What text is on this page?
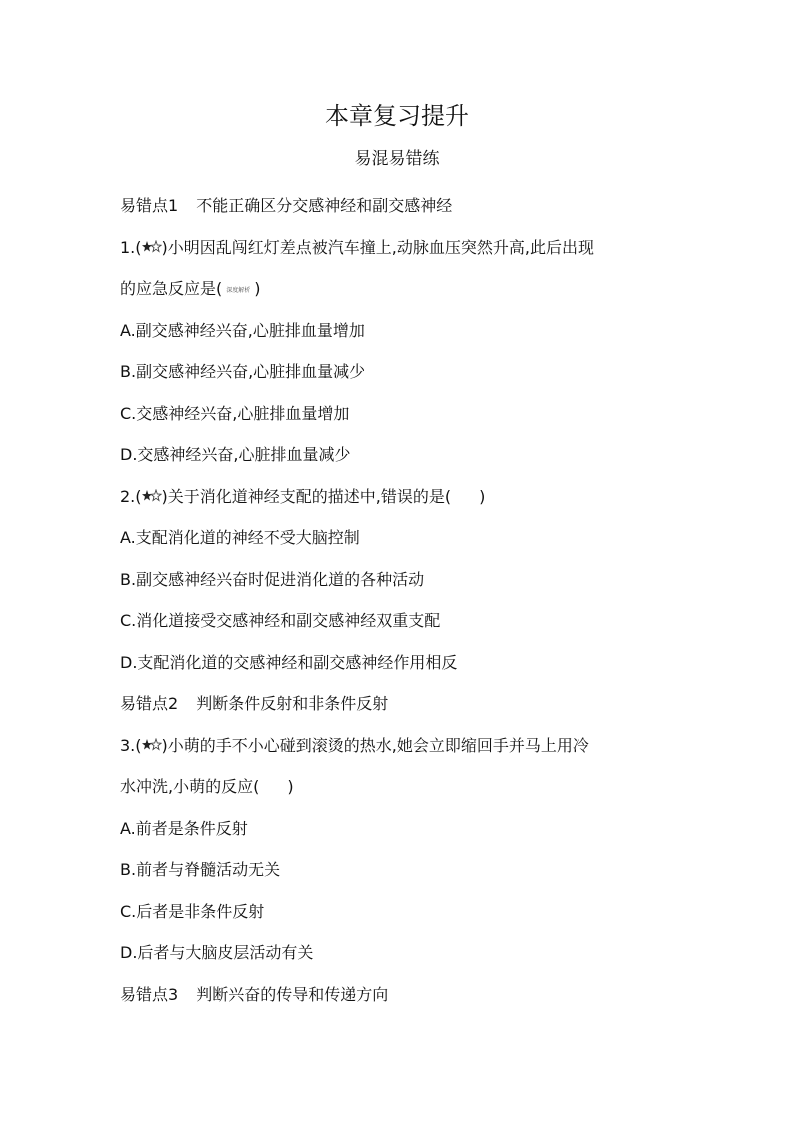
本章复习提升
易混易错练
易错点1 不能正确区分交感神经和副交感神经
1.( )小明因乱闯红灯差点被汽车撞上,动脉血压突然升高,此后出现
的应急反应是( 深度解析 )
A.副交感神经兴奋,心脏排血量增加
B.副交感神经兴奋,心脏排血量减少
C.交感神经兴奋,心脏排血量增加
D.交感神经兴奋,心脏排血量减少
2.( )关于消化道神经支配的描述中,错误的是( )
A.支配消化道的神经不受大脑控制
B.副交感神经兴奋时促进消化道的各种活动
C.消化道接受交感神经和副交感神经双重支配
D.支配消化道的交感神经和副交感神经作用相反
易错点2 判断条件反射和非条件反射
3.( )小萌的手不小心碰到滚烫的热水,她会立即缩回手并马上用冷
水冲洗,小萌的反应( )
A.前者是条件反射
B.前者与脊髓活动无关
C.后者是非条件反射
D.后者与大脑皮层活动有关
易错点3 判断兴奋的传导和传递方向
